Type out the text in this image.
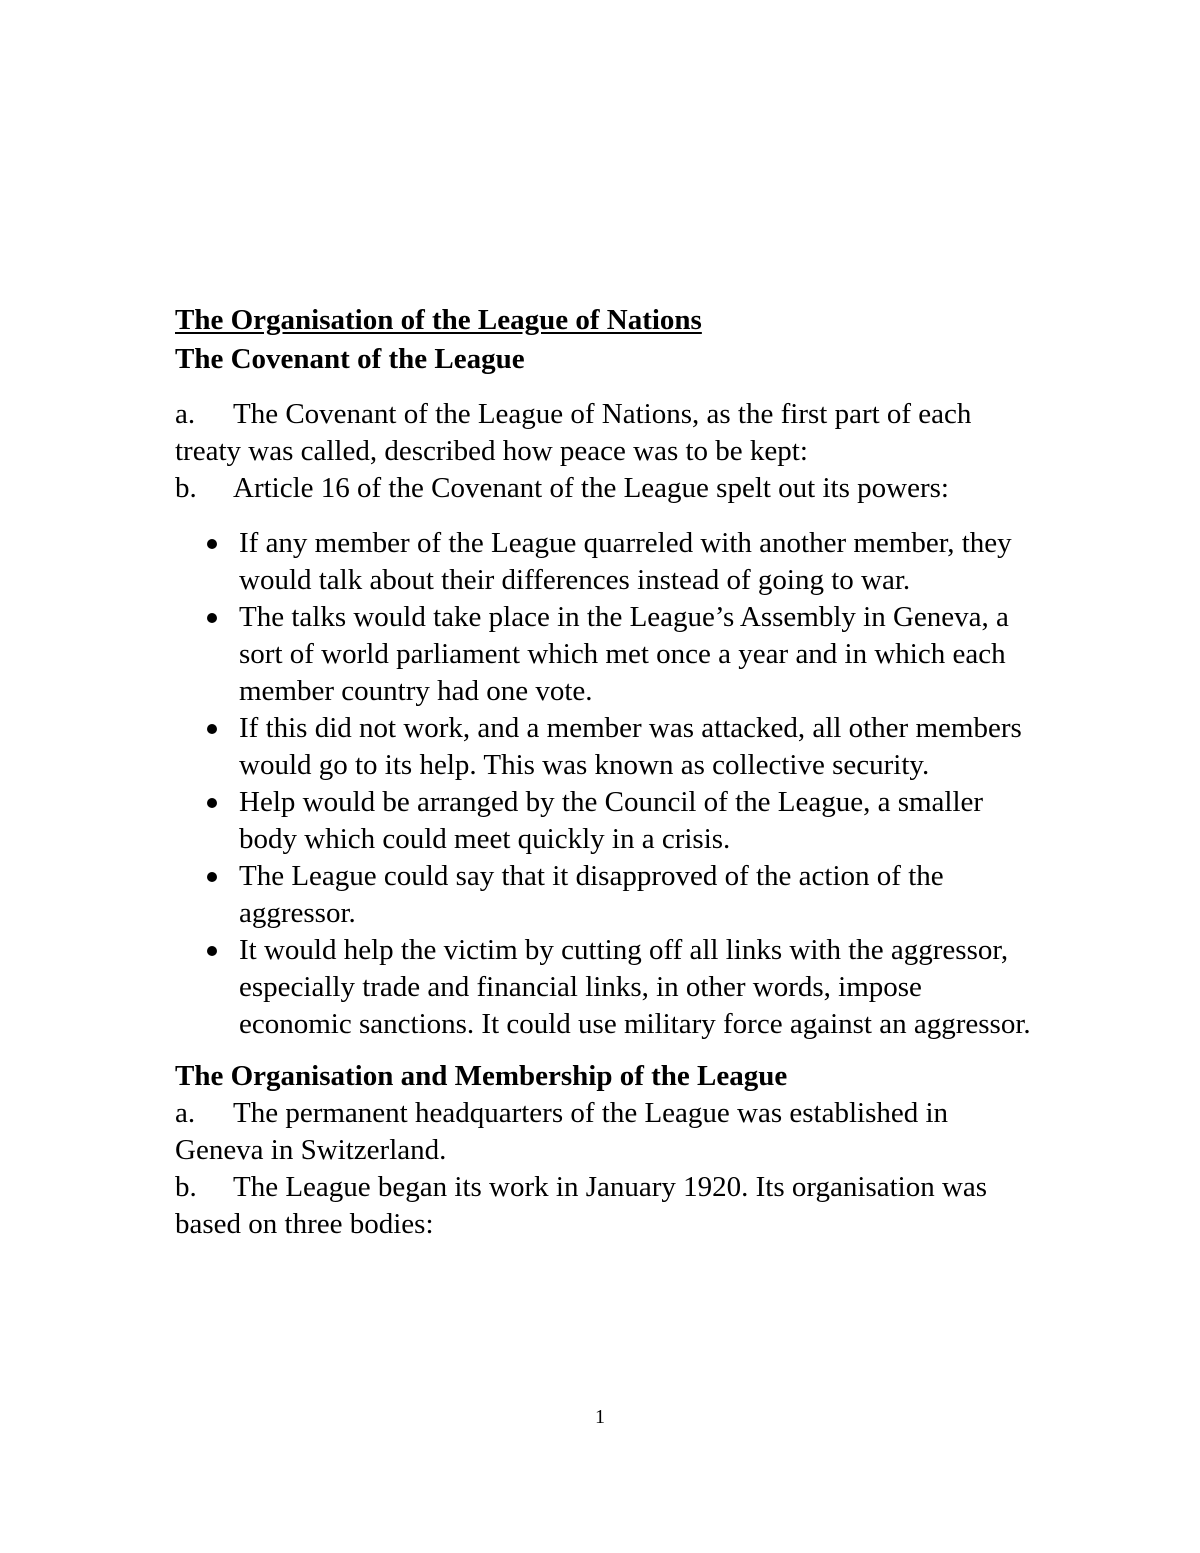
The Organisation of the League of Nations
The Covenant of the League

a. The Covenant of the League of Nations, as the first part of each treaty was called, described how peace was to be kept:

b. Article 16 of the Covenant of the League spelt out its powers:

If any member of the League quarreled with another member, they would talk about their differences instead of going to war.
The talks would take place in the League’s Assembly in Geneva, a sort of world parliament which met once a year and in which each member country had one vote.
If this did not work, and a member was attacked, all other members would go to its help. This was known as collective security.
Help would be arranged by the Council of the League, a smaller body which could meet quickly in a crisis.
The League could say that it disapproved of the action of the aggressor.
It would help the victim by cutting off all links with the aggressor, especially trade and financial links, in other words, impose economic sanctions. It could use military force against an aggressor.
The Organisation and Membership of the League

a. The permanent headquarters of the League was established in Geneva in Switzerland.

b. The League began its work in January 1920. Its organisation was based on three bodies:

1
